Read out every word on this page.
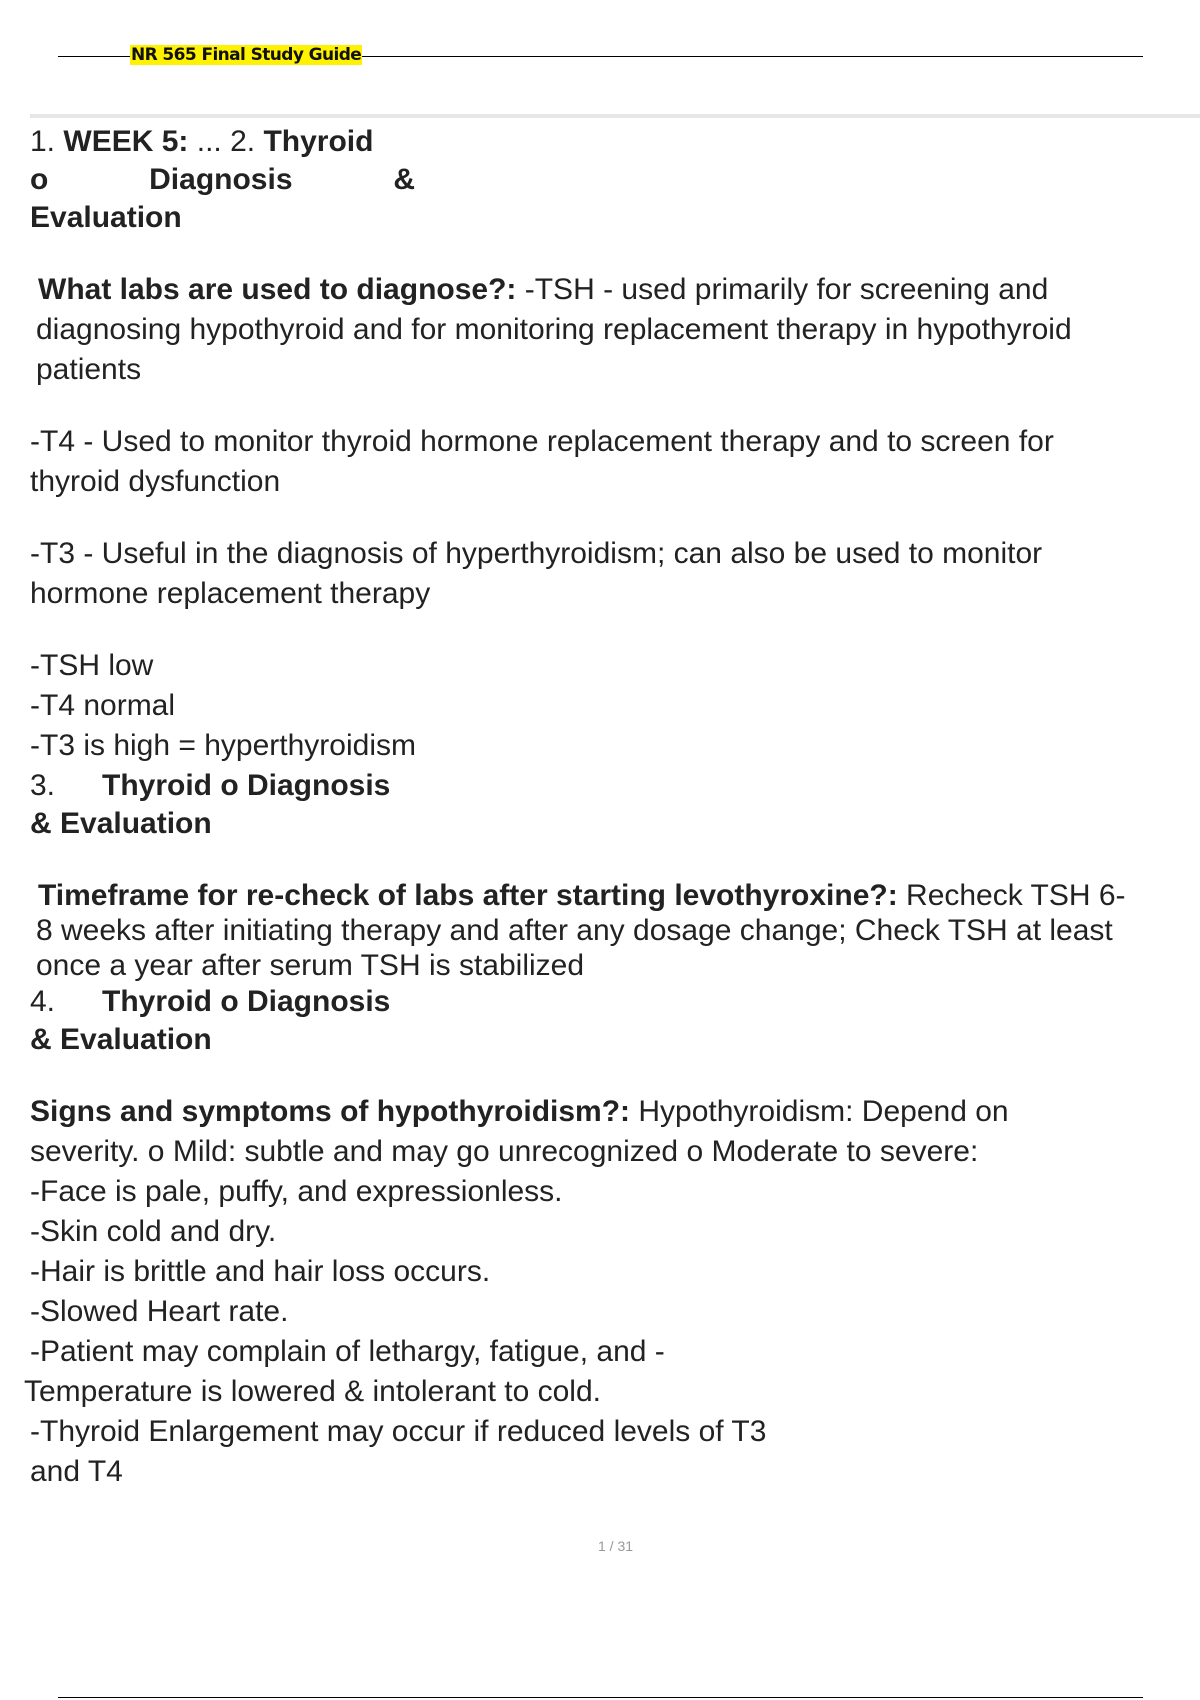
NR 565 Final Study Guide
1. WEEK 5: ... 2. Thyroid
o	Diagnosis	&
Evaluation
What labs are used to diagnose?: -TSH - used primarily for screening and
diagnosing hypothyroid and for monitoring replacement therapy in hypothyroid
patients
-T4 - Used to monitor thyroid hormone replacement therapy and to screen for
thyroid dysfunction
-T3 - Useful in the diagnosis of hyperthyroidism; can also be used to monitor
hormone replacement therapy
-TSH low
-T4 normal
-T3 is high = hyperthyroidism
3. Thyroid o Diagnosis
& Evaluation
Timeframe for re-check of labs after starting levothyroxine?: Recheck TSH 6-
8 weeks after initiating therapy and after any dosage change; Check TSH at least
once a year after serum TSH is stabilized
4. Thyroid o Diagnosis
& Evaluation
Signs and symptoms of hypothyroidism?: Hypothyroidism: Depend on
severity. o Mild: subtle and may go unrecognized o Moderate to severe:
-Face is pale, puffy, and expressionless.
-Skin cold and dry.
-Hair is brittle and hair loss occurs.
-Slowed Heart rate.
-Patient may complain of lethargy, fatigue, and -
Temperature is lowered & intolerant to cold.
-Thyroid Enlargement may occur if reduced levels of T3
and T4
1 / 31
